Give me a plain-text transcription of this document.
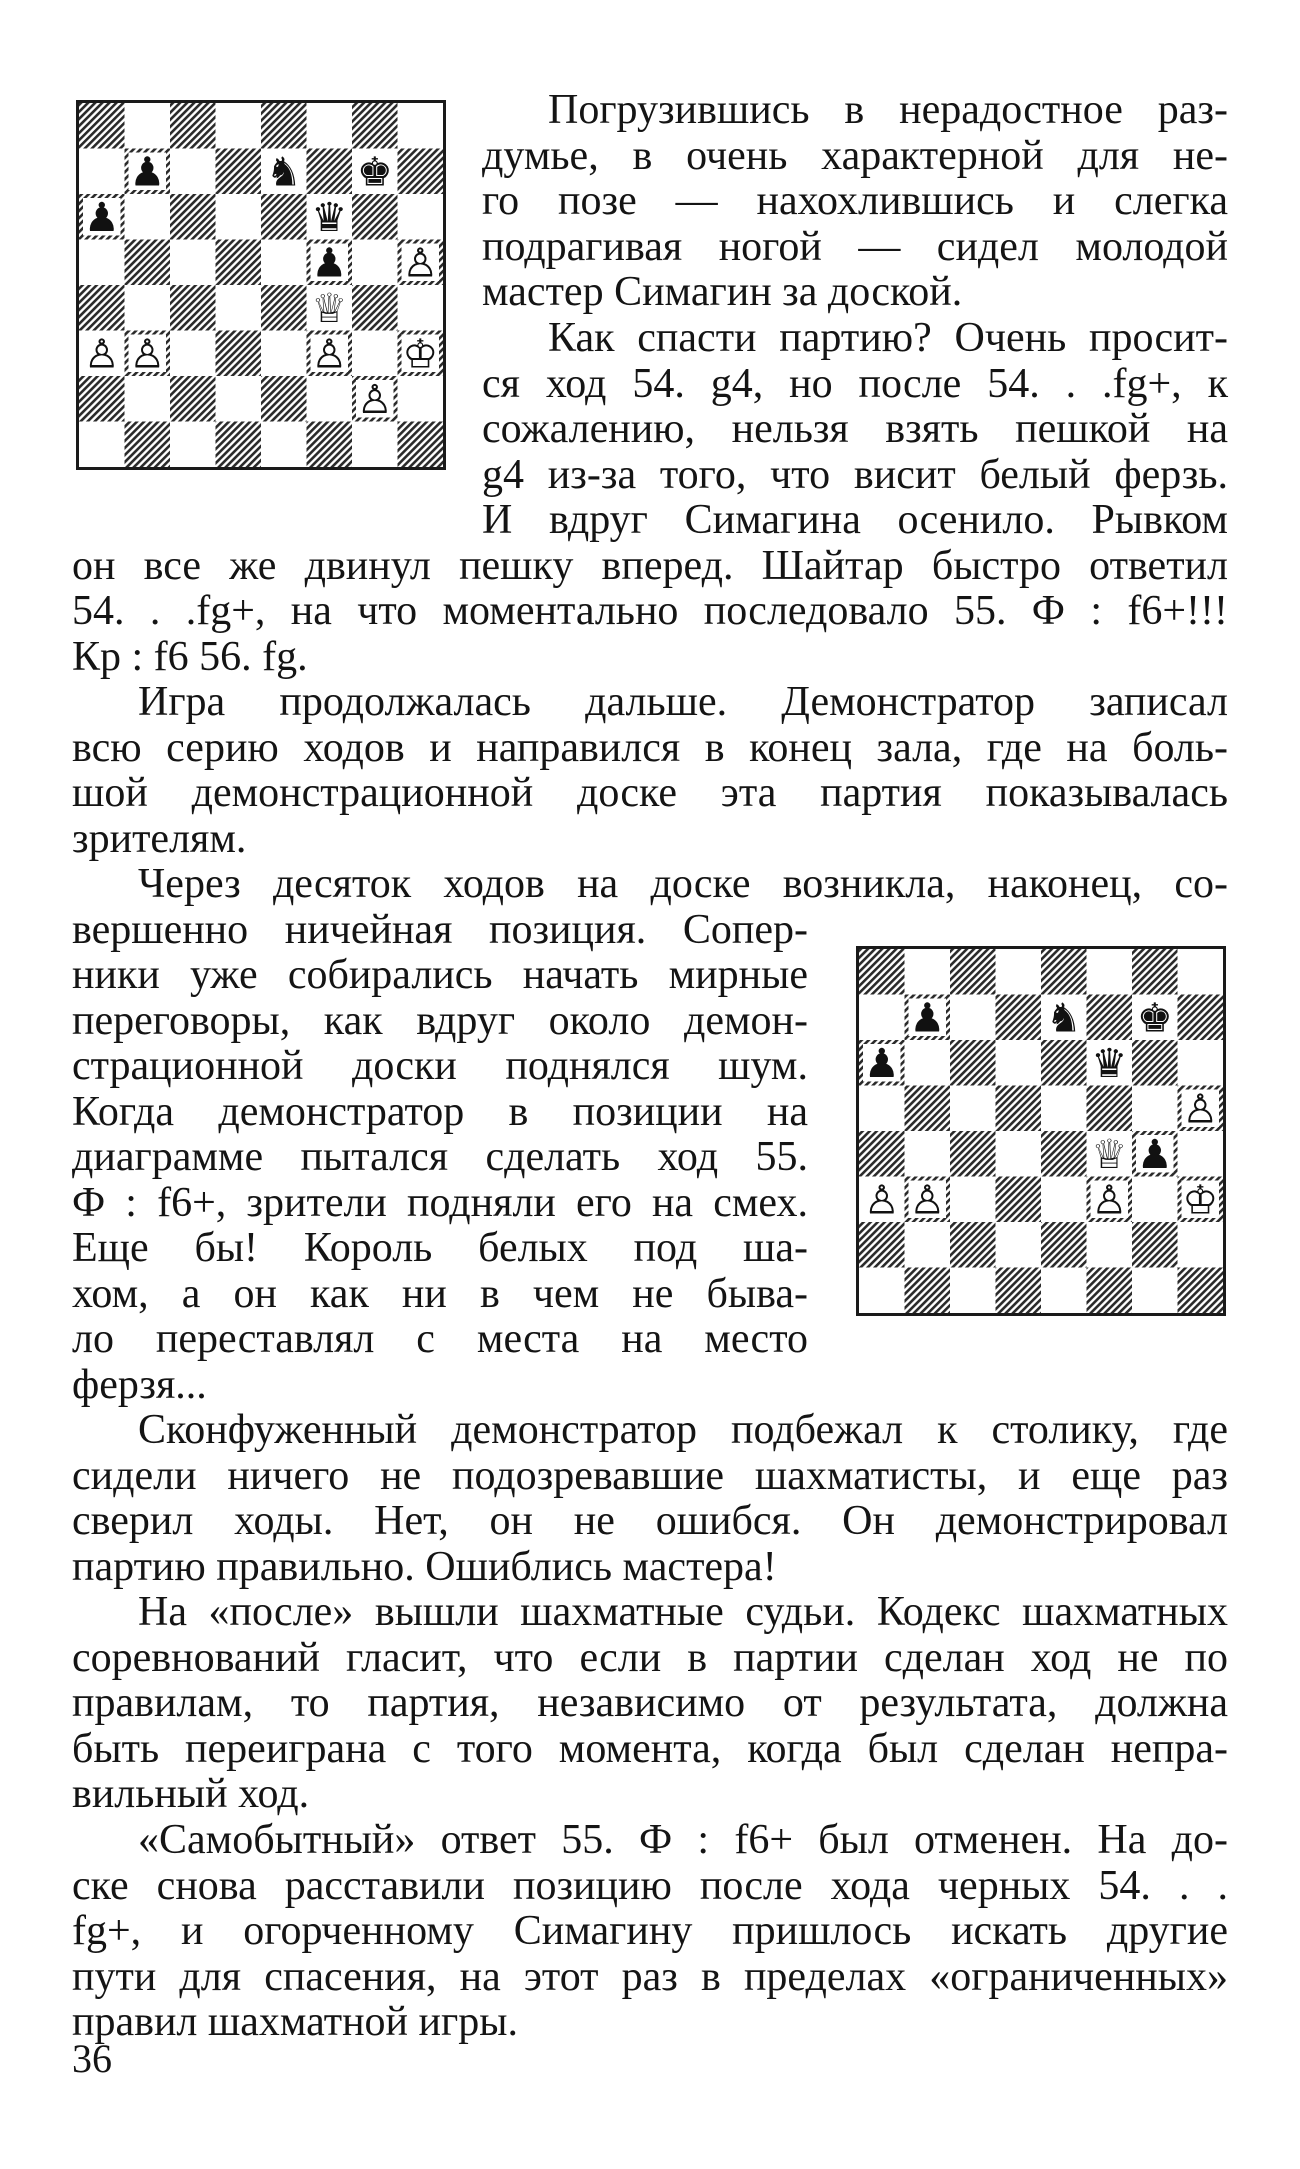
♟	♞ ♚
♟	♛
♟ ♙
♕
♙ ♙	♙ ♔
♙
♟	♞ ♚
♟	♛
♙
♕ ♟
♙ ♙	♙ ♔
Погрузившись в нерадостное раз-
думье, в очень характерной для не-
го позе — нахохлившись и слегка
подрагивая ногой — сидел молодой
мастер Симагин за доской.
Как спасти партию? Очень просит-
ся ход 54. g4, но после 54. . .fg+, к
сожалению, нельзя взять пешкой на
g4 из-за того, что висит белый ферзь.
И вдруг Симагина осенило. Рывком
он все же двинул пешку вперед. Шайтар быстро ответил
54. . .fg+, на что моментально последовало 55. Ф : f6+!!!
Кр : f6 56. fg.
Игра продолжалась дальше. Демонстратор записал
всю серию ходов и направился в конец зала, где на боль-
шой демонстрационной доске эта партия показывалась
зрителям.
Через десяток ходов на доске возникла, наконец, со-
вершенно ничейная позиция. Сопер-
ники уже собирались начать мирные
переговоры, как вдруг около демон-
страционной доски поднялся шум.
Когда демонстратор в позиции на
диаграмме пытался сделать ход 55.
Ф : f6+, зрители подняли его на смех.
Еще бы! Король белых под ша-
хом, а он как ни в чем не быва-
ло переставлял с места на место
ферзя...
Сконфуженный демонстратор подбежал к столику, где
сидели ничего не подозревавшие шахматисты, и еще раз
сверил ходы. Нет, он не ошибся. Он демонстрировал
партию правильно. Ошиблись мастера!
На «после» вышли шахматные судьи. Кодекс шахматных
соревнований гласит, что если в партии сделан ход не по
правилам, то партия, независимо от результата, должна
быть переиграна с того момента, когда был сделан непра-
вильный ход.
«Самобытный» ответ 55. Ф : f6+ был отменен. На до-
ске снова расставили позицию после хода черных 54. . .
fg+, и огорченному Симагину пришлось искать другие
пути для спасения, на этот раз в пределах «ограниченных»
правил шахматной игры.
36
